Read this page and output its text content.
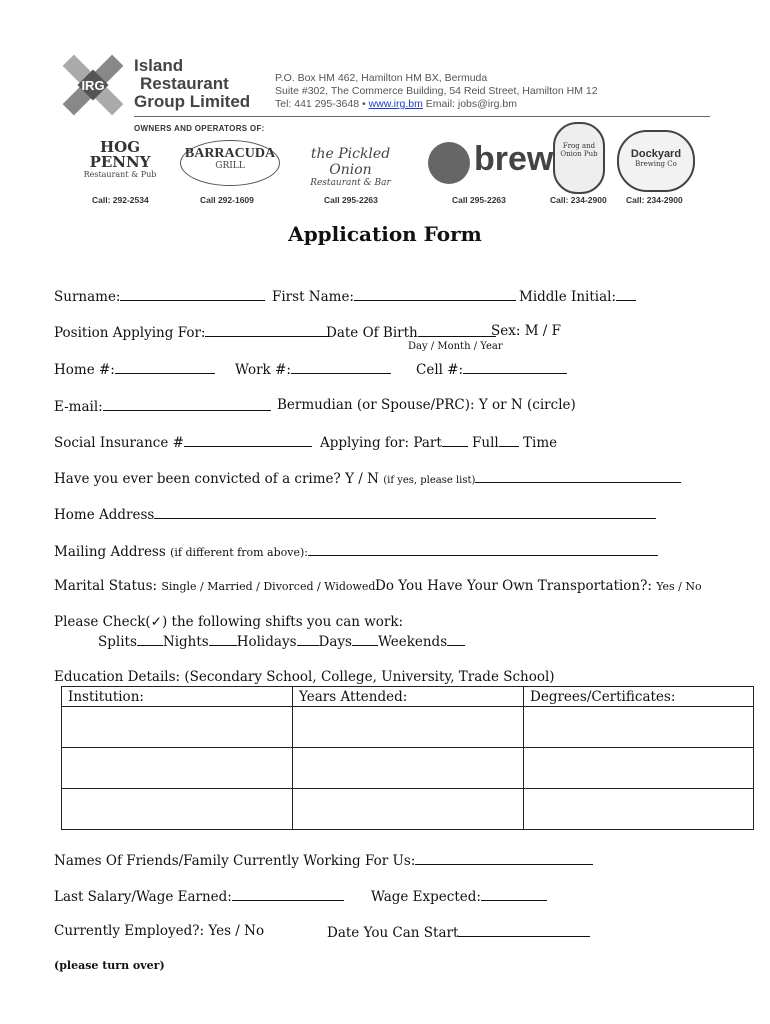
IRG
Island
Restaurant
Group Limited
P.O. Box HM 462, Hamilton HM BX, Bermuda
Suite #302, The Commerce Building, 54 Reid Street, Hamilton HM 12
Tel: 441 295-3648 • www.irg.bm Email: jobs@irg.bm
OWNERS AND OPERATORS OF:
HOG PENNY
Restaurant & Pub
BARRACUDA
GRILL
the Pickled Onion
Restaurant & Bar
brew	Frog and Onion Pub	Dockyard
Brewing Co
Call: 292-2534	Call 292-1609	Call 295-2263	Call 295-2263	Call: 234-2900 Call: 234-2900
Application Form
Surname:	First Name:	Middle Initial:
Position Applying For:	Date Of Birth	Sex: M / F
Day / Month / Year
Home #:	Work #:	Cell #:
E-mail:	Bermudian (or Spouse/PRC): Y or N (circle)
Social Insurance #	Applying for: Part Full Time
Have you ever been convicted of a crime? Y / N (if yes, please list)
Home Address
Mailing Address (if different from above):
Marital Status: Single / Married / Divorced / Widowed Do You Have Your Own Transportation?: Yes / No
Please Check(✓) the following shifts you can work:
Splits Nights Holidays Days Weekends
Education Details: (Secondary School, College, University, Trade School)
Institution:	Years Attended:	Degrees/Certificates:

Names Of Friends/Family Currently Working For Us:
Last Salary/Wage Earned:	Wage Expected:
Currently Employed?: Yes / No	Date You Can Start
(please turn over)
